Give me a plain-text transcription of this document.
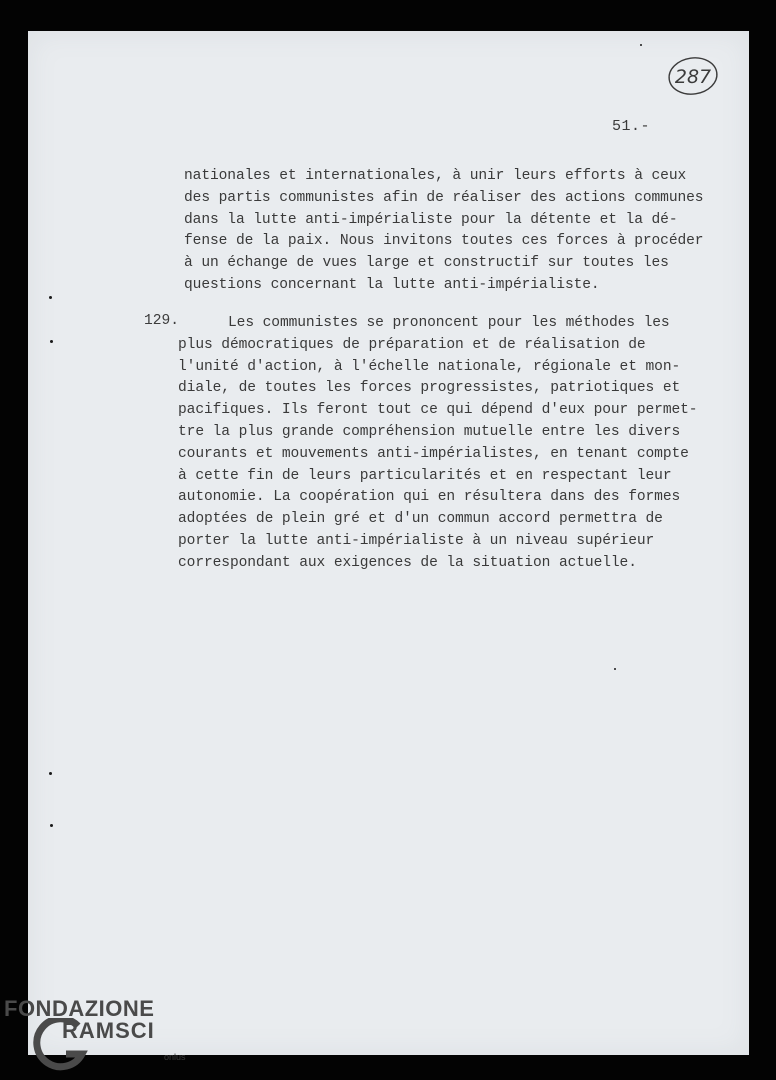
287
51.-
nationales et internationales, à unir leurs efforts à ceux
des partis communistes afin de réaliser des actions communes
dans la lutte anti-impérialiste pour la détente et la dé-
fense de la paix. Nous invitons toutes ces forces à procéder
à un échange de vues large et constructif sur toutes les
questions concernant la lutte anti-impérialiste.
129.	Les communistes se prononcent pour les méthodes les
plus démocratiques de préparation et de réalisation de
l'unité d'action, à l'échelle nationale, régionale et mon-
diale, de toutes les forces progressistes, patriotiques et
pacifiques. Ils feront tout ce qui dépend d'eux pour permet-
tre la plus grande compréhension mutuelle entre les divers
courants et mouvements anti-impérialistes, en tenant compte
à cette fin de leurs particularités et en respectant leur
autonomie. La coopération qui en résultera dans des formes
adoptées de plein gré et d'un commun accord permettra de
porter la lutte anti-impérialiste à un niveau supérieur
correspondant aux exigences de la situation actuelle.
FONDAZIONE
RAMSCI
onlus
